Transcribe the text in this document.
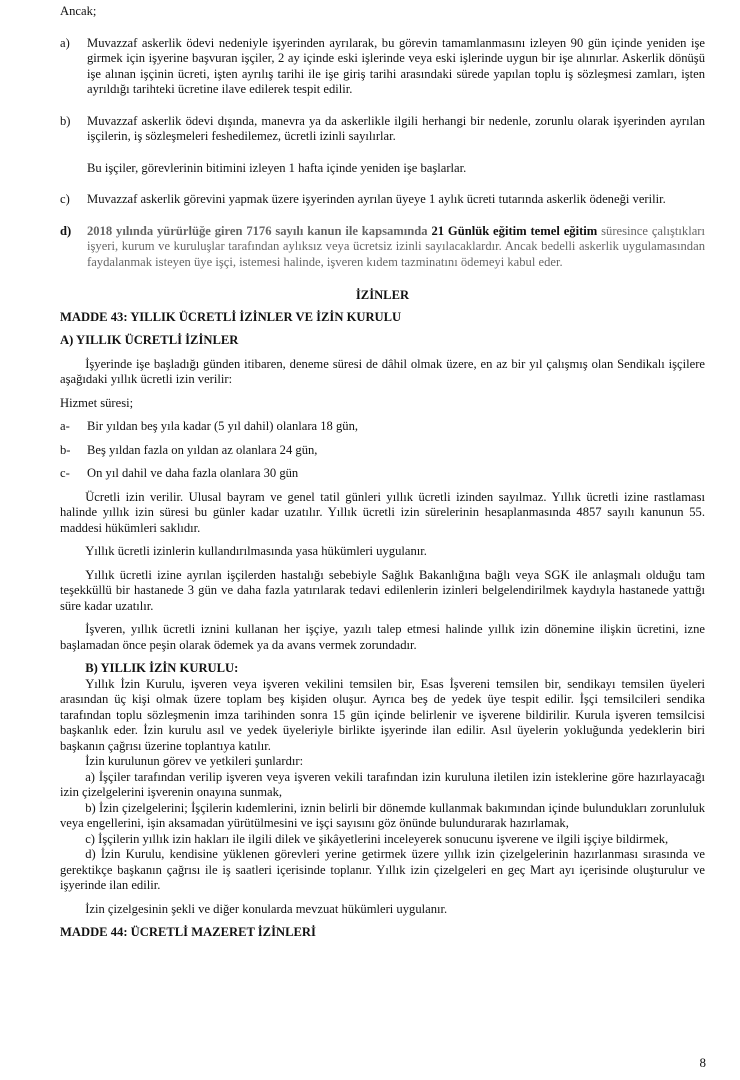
Ancak;

a) Muvazzaf askerlik ödevi nedeniyle işyerinden ayrılarak, bu görevin tamamlanmasını izleyen 90 gün içinde yeniden işe girmek için işyerine başvuran işçiler, 2 ay içinde eski işlerinde veya eski işlerinde uygun bir işe alınırlar. Askerlik dönüşü işe alınan işçinin ücreti, işten ayrılış tarihi ile işe giriş tarihi arasındaki sürede yapılan toplu iş sözleşmesi zamları, işten ayrıldığı tarihteki ücretine ilave edilerek tespit edilir.

b) Muvazzaf askerlik ödevi dışında, manevra ya da askerlikle ilgili herhangi bir nedenle, zorunlu olarak işyerinden ayrılan işçilerin, iş sözleşmeleri feshedilemez, ücretli izinli sayılırlar.

Bu işçiler, görevlerinin bitimini izleyen 1 hafta içinde yeniden işe başlarlar.

c) Muvazzaf askerlik görevini yapmak üzere işyerinden ayrılan üyeye 1 aylık ücreti tutarında askerlik ödeneği verilir.

d) 2018 yılında yürürlüğe giren 7176 sayılı kanun ile kapsamında 21 Günlük eğitim temel eğitim süresince çalıştıkları işyeri, kurum ve kuruluşlar tarafından aylıksız veya ücretsiz izinli sayılacaklardır. Ancak bedelli askerlik uygulamasından faydalanmak isteyen üye işçi, istemesi halinde, işveren kıdem tazminatını ödemeyi kabul eder.

İZİNLER

MADDE 43: YILLIK ÜCRETLİ İZİNLER VE İZİN KURULU

A) YILLIK ÜCRETLİ İZİNLER

İşyerinde işe başladığı günden itibaren, deneme süresi de dâhil olmak üzere, en az bir yıl çalışmış olan Sendikalı işçilere aşağıdaki yıllık ücretli izin verilir:

Hizmet süresi;

a- Bir yıldan beş yıla kadar (5 yıl dahil) olanlara 18 gün,
b- Beş yıldan fazla on yıldan az olanlara 24 gün,
c- On yıl dahil ve daha fazla olanlara 30 gün

Ücretli izin verilir. Ulusal bayram ve genel tatil günleri yıllık ücretli izinden sayılmaz. Yıllık ücretli izine rastlaması halinde yıllık izin süresi bu günler kadar uzatılır. Yıllık ücretli izin sürelerinin hesaplanmasında 4857 sayılı kanunun 55. maddesi hükümleri saklıdır.

Yıllık ücretli izinlerin kullandırılmasında yasa hükümleri uygulanır.

Yıllık ücretli izine ayrılan işçilerden hastalığı sebebiyle Sağlık Bakanlığına bağlı veya SGK ile anlaşmalı olduğu tam teşekküllü bir hastanede 3 gün ve daha fazla yatırılarak tedavi edilenlerin izinleri belgelendirilmek kaydıyla hastanede yattığı süre kadar uzatılır.

İşveren, yıllık ücretli iznini kullanan her işçiye, yazılı talep etmesi halinde yıllık izin dönemine ilişkin ücretini, izne başlamadan önce peşin olarak ödemek ya da avans vermek zorundadır.

B) YILLIK İZİN KURULU:

Yıllık İzin Kurulu, işveren veya işveren vekilini temsilen bir, Esas İşvereni temsilen bir, sendikayı temsilen üyeleri arasından üç kişi olmak üzere toplam beş kişiden oluşur. Ayrıca beş de yedek üye tespit edilir. İşçi temsilcileri sendika tarafından toplu sözleşmenin imza tarihinden sonra 15 gün içinde belirlenir ve işverene bildirilir. Kurula işveren temsilcisi başkanlık eder. İzin kurulu asıl ve yedek üyeleriyle birlikte işyerinde ilan edilir. Asıl üyelerin yokluğunda yedeklerin biri başkanın çağrısı üzerine toplantıya katılır.

İzin kurulunun görev ve yetkileri şunlardır:

a) İşçiler tarafından verilip işveren veya işveren vekili tarafından izin kuruluna iletilen izin isteklerine göre hazırlayacağı izin çizelgelerini işverenin onayına sunmak,

b) İzin çizelgelerini; İşçilerin kıdemlerini, iznin belirli bir dönemde kullanmak bakımından içinde bulundukları zorunluluk veya engellerini, işin aksamadan yürütülmesini ve işçi sayısını göz önünde bulundurarak hazırlamak,

c) İşçilerin yıllık izin hakları ile ilgili dilek ve şikâyetlerini inceleyerek sonucunu işverene ve ilgili işçiye bildirmek,

d) İzin Kurulu, kendisine yüklenen görevleri yerine getirmek üzere yıllık izin çizelgelerinin hazırlanması sırasında ve gerektikçe başkanın çağrısı ile iş saatleri içerisinde toplanır. Yıllık izin çizelgeleri en geç Mart ayı içerisinde oluşturulur ve işyerinde ilan edilir.

İzin çizelgesinin şekli ve diğer konularda mevzuat hükümleri uygulanır.

MADDE 44: ÜCRETLİ MAZERET İZİNLERİ

8
